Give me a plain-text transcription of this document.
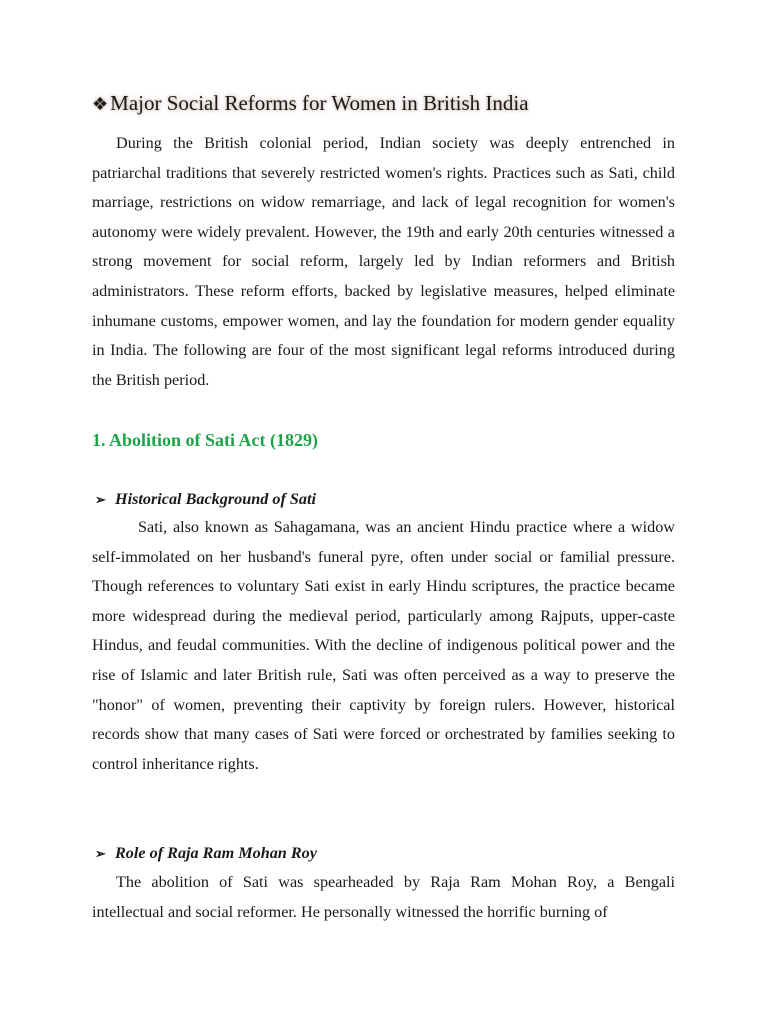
❖Major Social Reforms for Women in British India

During the British colonial period, Indian society was deeply entrenched in patriarchal traditions that severely restricted women's rights. Practices such as Sati, child marriage, restrictions on widow remarriage, and lack of legal recognition for women's autonomy were widely prevalent. However, the 19th and early 20th centuries witnessed a strong movement for social reform, largely led by Indian reformers and British administrators. These reform efforts, backed by legislative measures, helped eliminate inhumane customs, empower women, and lay the foundation for modern gender equality in India. The following are four of the most significant legal reforms introduced during the British period.

1. Abolition of Sati Act (1829)
➢ Historical Background of Sati

Sati, also known as Sahagamana, was an ancient Hindu practice where a widow self-immolated on her husband's funeral pyre, often under social or familial pressure. Though references to voluntary Sati exist in early Hindu scriptures, the practice became more widespread during the medieval period, particularly among Rajputs, upper-caste Hindus, and feudal communities. With the decline of indigenous political power and the rise of Islamic and later British rule, Sati was often perceived as a way to preserve the "honor" of women, preventing their captivity by foreign rulers. However, historical records show that many cases of Sati were forced or orchestrated by families seeking to control inheritance rights.

➢ Role of Raja Ram Mohan Roy

The abolition of Sati was spearheaded by Raja Ram Mohan Roy, a Bengali intellectual and social reformer. He personally witnessed the horrific burning of
